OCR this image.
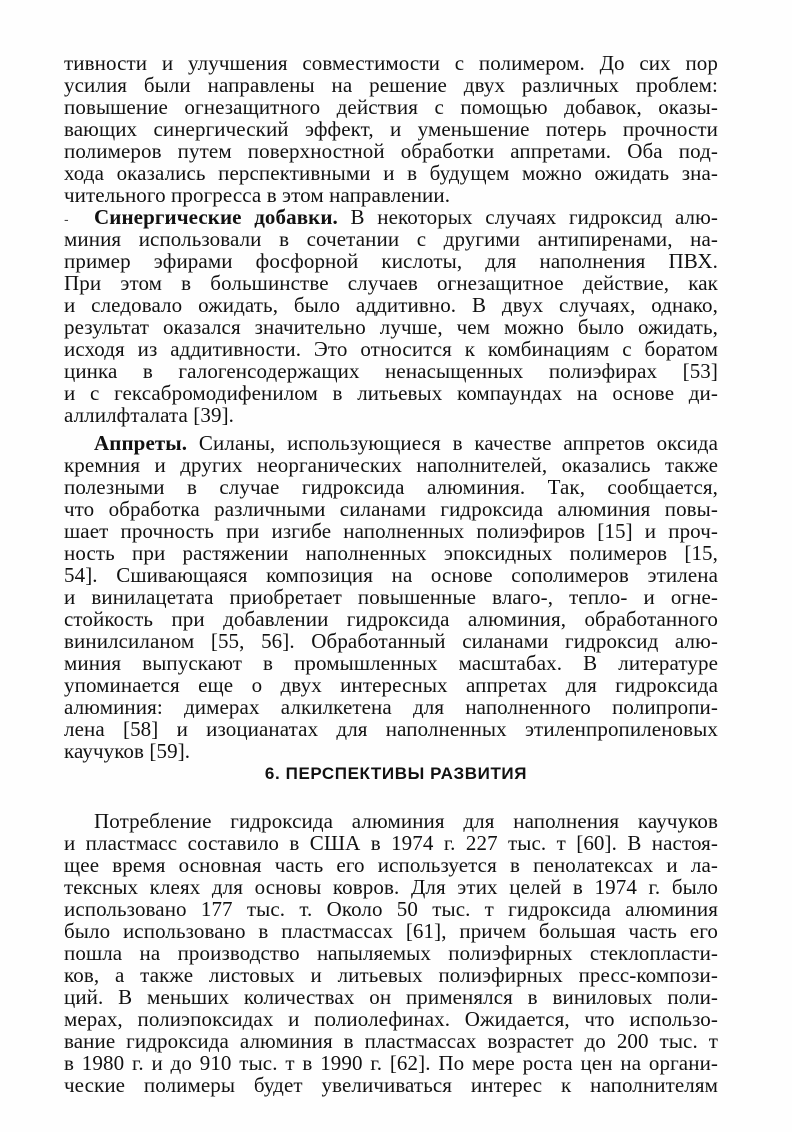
тивности и улучшения совместимости с полимером. До сих пор
усилия были направлены на решение двух различных проблем:
повышение огнезащитного действия с помощью добавок, оказы-
вающих синергический эффект, и уменьшение потерь прочности
полимеров путем поверхностной обработки аппретами. Оба под-
хода оказались перспективными и в будущем можно ожидать зна-
чительного прогресса в этом направлении.
- Синергические добавки. В некоторых случаях гидроксид алю-
миния использовали в сочетании с другими антипиренами, на-
пример эфирами фосфорной кислоты, для наполнения ПВХ.
При этом в большинстве случаев огнезащитное действие, как
и следовало ожидать, было аддитивно. В двух случаях, однако,
результат оказался значительно лучше, чем можно было ожидать,
исходя из аддитивности. Это относится к комбинациям с боратом
цинка в галогенсодержащих ненасыщенных полиэфирах [53]
и с гексабромодифенилом в литьевых компаундах на основе ди-
аллилфталата [39].
Аппреты. Силаны, использующиеся в качестве аппретов оксида
кремния и других неорганических наполнителей, оказались также
полезными в случае гидроксида алюминия. Так, сообщается,
что обработка различными силанами гидроксида алюминия повы-
шает прочность при изгибе наполненных полиэфиров [15] и проч-
ность при растяжении наполненных эпоксидных полимеров [15,
54]. Сшивающаяся композиция на основе сополимеров этилена
и винилацетата приобретает повышенные влаго-, тепло- и огне-
стойкость при добавлении гидроксида алюминия, обработанного
винилсиланом [55, 56]. Обработанный силанами гидроксид алю-
миния выпускают в промышленных масштабах. В литературе
упоминается еще о двух интересных аппретах для гидроксида
алюминия: димерах алкилкетена для наполненного полипропи-
лена [58] и изоцианатах для наполненных этиленпропиленовых
каучуков [59].
6. ПЕРСПЕКТИВЫ РАЗВИТИЯ
Потребление гидроксида алюминия для наполнения каучуков
и пластмасс составило в США в 1974 г. 227 тыс. т [60]. В настоя-
щее время основная часть его используется в пенолатексах и ла-
тексных клеях для основы ковров. Для этих целей в 1974 г. было
использовано 177 тыс. т. Около 50 тыс. т гидроксида алюминия
было использовано в пластмассах [61], причем большая часть его
пошла на производство напыляемых полиэфирных стеклопласти-
ков, а также листовых и литьевых полиэфирных пресс-компози-
ций. В меньших количествах он применялся в виниловых поли-
мерах, полиэпоксидах и полиолефинах. Ожидается, что использо-
вание гидроксида алюминия в пластмассах возрастет до 200 тыс. т
в 1980 г. и до 910 тыс. т в 1990 г. [62]. По мере роста цен на органи-
ческие полимеры будет увеличиваться интерес к наполнителям
